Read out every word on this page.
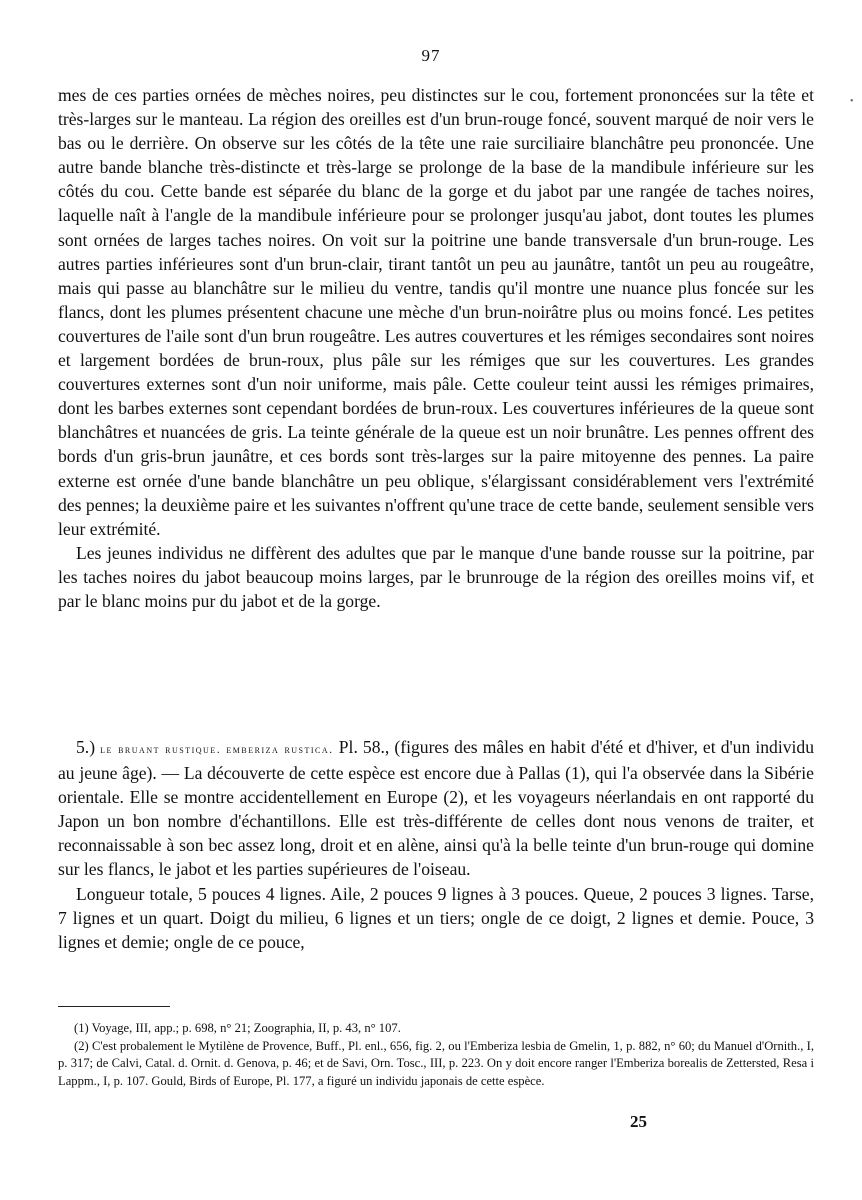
97
•

mes de ces parties ornées de mèches noires, peu distinctes sur le cou, fortement prononcées sur la tête et très-larges sur le manteau. La région des oreilles est d'un brun-rouge foncé, souvent marqué de noir vers le bas ou le derrière. On observe sur les côtés de la tête une raie surciliaire blanchâtre peu prononcée. Une autre bande blanche très-distincte et très-large se prolonge de la base de la mandibule inférieure sur les côtés du cou. Cette bande est séparée du blanc de la gorge et du jabot par une rangée de taches noires, laquelle naît à l'angle de la mandibule inférieure pour se prolonger jusqu'au jabot, dont toutes les plumes sont ornées de larges taches noires. On voit sur la poitrine une bande transversale d'un brun-rouge. Les autres parties inférieures sont d'un brun-clair, tirant tantôt un peu au jaunâtre, tantôt un peu au rougeâtre, mais qui passe au blanchâtre sur le milieu du ventre, tandis qu'il montre une nuance plus foncée sur les flancs, dont les plumes présentent chacune une mèche d'un brun-noirâtre plus ou moins foncé. Les petites couvertures de l'aile sont d'un brun rougeâtre. Les autres couvertures et les rémiges secondaires sont noires et largement bordées de brun-roux, plus pâle sur les rémiges que sur les couvertures. Les grandes couvertures externes sont d'un noir uniforme, mais pâle. Cette couleur teint aussi les rémiges primaires, dont les barbes externes sont cependant bordées de brun-roux. Les couvertures inférieures de la queue sont blanchâtres et nuancées de gris. La teinte générale de la queue est un noir brunâtre. Les pennes offrent des bords d'un gris-brun jaunâtre, et ces bords sont très-larges sur la paire mitoyenne des pennes. La paire externe est ornée d'une bande blanchâtre un peu oblique, s'élargissant considérablement vers l'extrémité des pennes; la deuxième paire et les suivantes n'offrent qu'une trace de cette bande, seulement sensible vers leur extrémité.

Les jeunes individus ne diffèrent des adultes que par le manque d'une bande rousse sur la poitrine, par les taches noires du jabot beaucoup moins larges, par le brunrouge de la région des oreilles moins vif, et par le blanc moins pur du jabot et de la gorge.

5.) le bruant rustique. emberiza rustica. Pl. 58., (figures des mâles en habit d'été et d'hiver, et d'un individu au jeune âge). — La découverte de cette espèce est encore due à Pallas (1), qui l'a observée dans la Sibérie orientale. Elle se montre accidentellement en Europe (2), et les voyageurs néerlandais en ont rapporté du Japon un bon nombre d'échantillons. Elle est très-différente de celles dont nous venons de traiter, et reconnaissable à son bec assez long, droit et en alène, ainsi qu'à la belle teinte d'un brun-rouge qui domine sur les flancs, le jabot et les parties supérieures de l'oiseau.

Longueur totale, 5 pouces 4 lignes. Aile, 2 pouces 9 lignes à 3 pouces. Queue, 2 pouces 3 lignes. Tarse, 7 lignes et un quart. Doigt du milieu, 6 lignes et un tiers; ongle de ce doigt, 2 lignes et demie. Pouce, 3 lignes et demie; ongle de ce pouce,

(1) Voyage, III, app.; p. 698, n° 21; Zoographia, II, p. 43, n° 107.

(2) C'est probalement le Mytilène de Provence, Buff., Pl. enl., 656, fig. 2, ou l'Emberiza lesbia de Gmelin, 1, p. 882, n° 60; du Manuel d'Ornith., I, p. 317; de Calvi, Catal. d. Ornit. d. Genova, p. 46; et de Savi, Orn. Tosc., III, p. 223. On y doit encore ranger l'Emberiza borealis de Zettersted, Resa i Lappm., I, p. 107. Gould, Birds of Europe, Pl. 177, a figuré un individu japonais de cette espèce.

25
